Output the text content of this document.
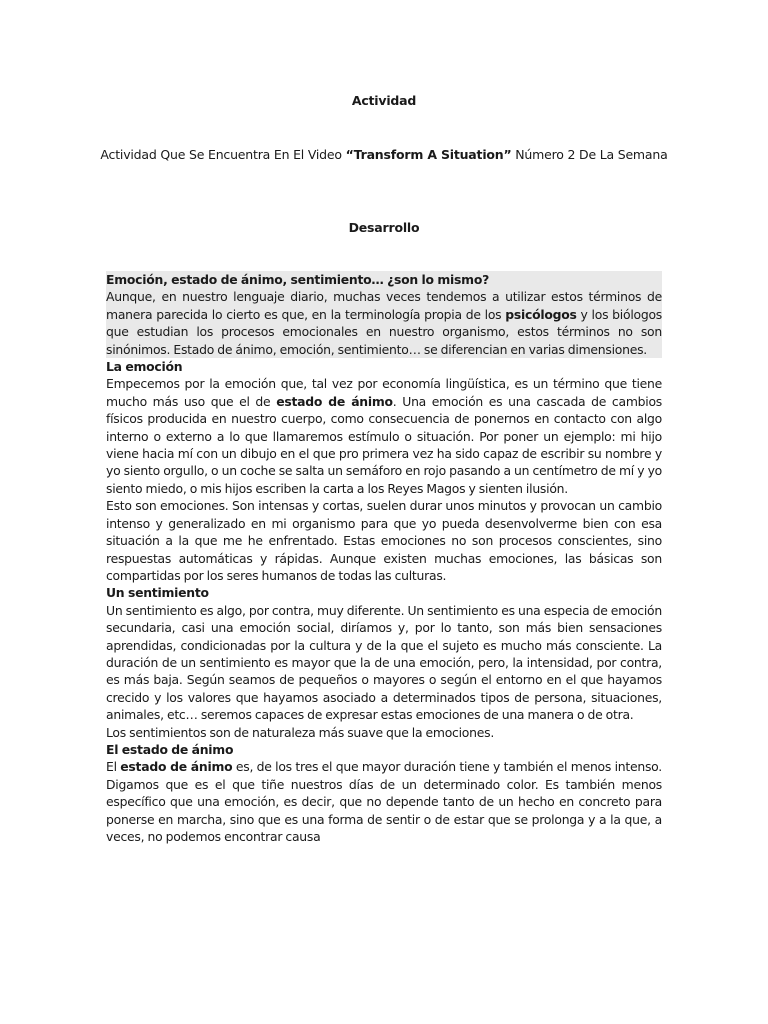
Actividad
Actividad Que Se Encuentra En El Video “Transform A Situation” Número 2 De La Semana
Desarrollo
Emoción, estado de ánimo, sentimiento… ¿son lo mismo?
Aunque, en nuestro lenguaje diario, muchas veces tendemos a utilizar estos términos de manera parecida lo cierto es que, en la terminología propia de los psicólogos y los biólogos que estudian los procesos emocionales en nuestro organismo, estos términos no son sinónimos. Estado de ánimo, emoción, sentimiento… se diferencian en varias dimensiones.
La emoción
Empecemos por la emoción que, tal vez por economía lingüística, es un término que tiene mucho más uso que el de estado de ánimo. Una emoción es una cascada de cambios físicos producida en nuestro cuerpo, como consecuencia de ponernos en contacto con algo interno o externo a lo que llamaremos estímulo o situación. Por poner un ejemplo: mi hijo viene hacia mí con un dibujo en el que pro primera vez ha sido capaz de escribir su nombre y yo siento orgullo, o un coche se salta un semáforo en rojo pasando a un centímetro de mí y yo siento miedo, o mis hijos escriben la carta a los Reyes Magos y sienten ilusión.
Esto son emociones. Son intensas y cortas, suelen durar unos minutos y provocan un cambio intenso y generalizado en mi organismo para que yo pueda desenvolverme bien con esa situación a la que me he enfrentado. Estas emociones no son procesos conscientes, sino respuestas automáticas y rápidas. Aunque existen muchas emociones, las básicas son compartidas por los seres humanos de todas las culturas.
Un sentimiento
Un sentimiento es algo, por contra, muy diferente. Un sentimiento es una especia de emoción secundaria, casi una emoción social, diríamos y, por lo tanto, son más bien sensaciones aprendidas, condicionadas por la cultura y de la que el sujeto es mucho más consciente. La duración de un sentimiento es mayor que la de una emoción, pero, la intensidad, por contra, es más baja. Según seamos de pequeños o mayores o según el entorno en el que hayamos crecido y los valores que hayamos asociado a determinados tipos de persona, situaciones, animales, etc… seremos capaces de expresar estas emociones de una manera o de otra.
Los sentimientos son de naturaleza más suave que la emociones.
El estado de ánimo
El estado de ánimo es, de los tres el que mayor duración tiene y también el menos intenso. Digamos que es el que tiñe nuestros días de un determinado color. Es también menos específico que una emoción, es decir, que no depende tanto de un hecho en concreto para ponerse en marcha, sino que es una forma de sentir o de estar que se prolonga y a la que, a veces, no podemos encontrar causa
